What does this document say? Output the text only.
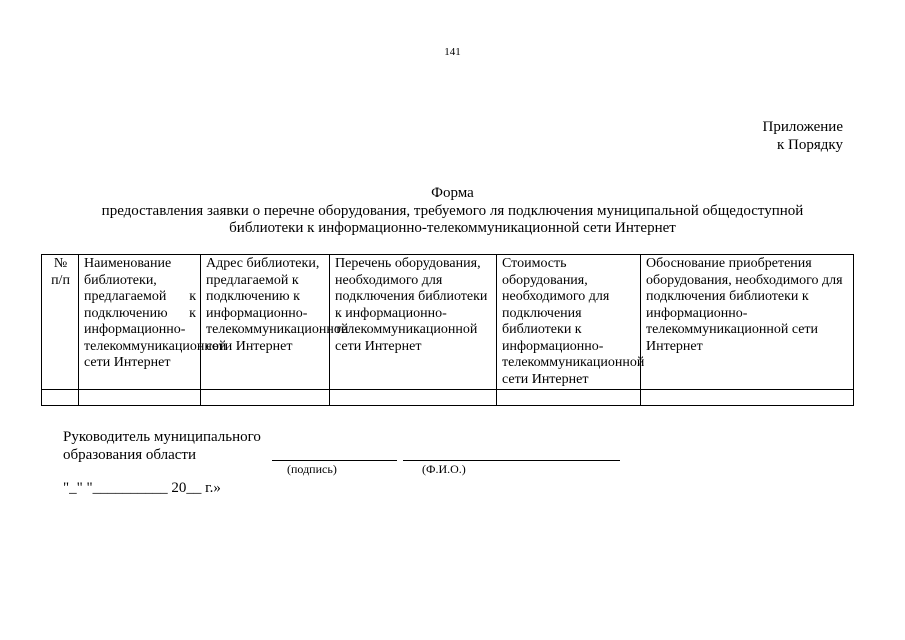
141
Приложение
к Порядку
Форма
предоставления заявки о перечне оборудования, требуемого ля подключения муниципальной общедоступной
библиотеки к информационно-телекоммуникационной сети Интернет
№ п/п	Наименование библиотеки, предлагаемой к подключению к информационно-телекоммуникационной сети Интернет	Адрес библиотеки, предлагаемой к подключению к информационно-телекоммуникационной сети Интернет	Перечень оборудования, необходимого для подключения библиотеки к информационно-телекоммуникационной сети Интернет	Стоимость оборудования, необходимого для подключения библиотеки к информационно-телекоммуникационной сети Интернет	Обоснование приобретения оборудования, необходимого для подключения библиотеки к информационно-телекоммуникационной сети Интернет

Руководитель муниципального
образования области
(подпись)	(Ф.И.О.)
"_" "__________ 20__ г.»
